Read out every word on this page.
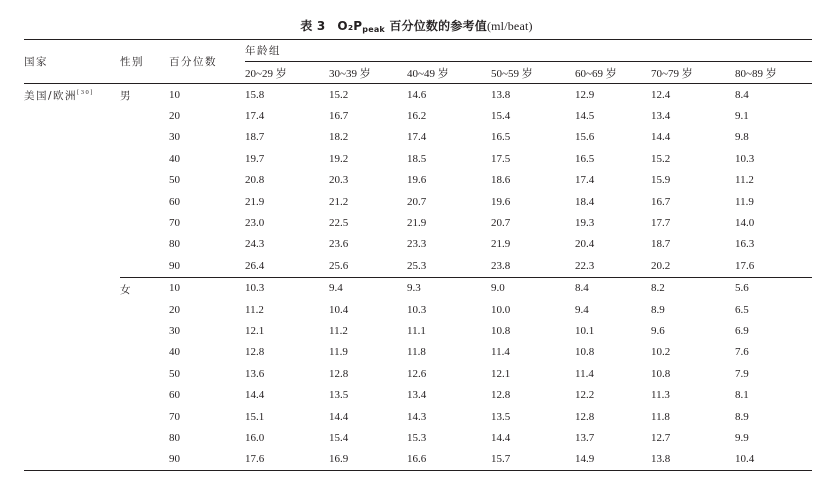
表 3 $O_2P_{peak}$ 百分位数的参考值(ml/beat)
国家	性别	百分位数	年龄组						
			20~29 岁	30~39 岁	40~49 岁	50~59 岁	60~69 岁	70~79 岁	80~89 岁
美国/欧洲[30]	男	10	15.8	15.2	14.6	13.8	12.9	12.4	8.4
		20	17.4	16.7	16.2	15.4	14.5	13.4	9.1
		30	18.7	18.2	17.4	16.5	15.6	14.4	9.8
		40	19.7	19.2	18.5	17.5	16.5	15.2	10.3
		50	20.8	20.3	19.6	18.6	17.4	15.9	11.2
		60	21.9	21.2	20.7	19.6	18.4	16.7	11.9
		70	23.0	22.5	21.9	20.7	19.3	17.7	14.0
		80	24.3	23.6	23.3	21.9	20.4	18.7	16.3
		90	26.4	25.6	25.3	23.8	22.3	20.2	17.6
	女	10	10.3	9.4	9.3	9.0	8.4	8.2	5.6
		20	11.2	10.4	10.3	10.0	9.4	8.9	6.5
		30	12.1	11.2	11.1	10.8	10.1	9.6	6.9
		40	12.8	11.9	11.8	11.4	10.8	10.2	7.6
		50	13.6	12.8	12.6	12.1	11.4	10.8	7.9
		60	14.4	13.5	13.4	12.8	12.2	11.3	8.1
		70	15.1	14.4	14.3	13.5	12.8	11.8	8.9
		80	16.0	15.4	15.3	14.4	13.7	12.7	9.9
		90	17.6	16.9	16.6	15.7	14.9	13.8	10.4
